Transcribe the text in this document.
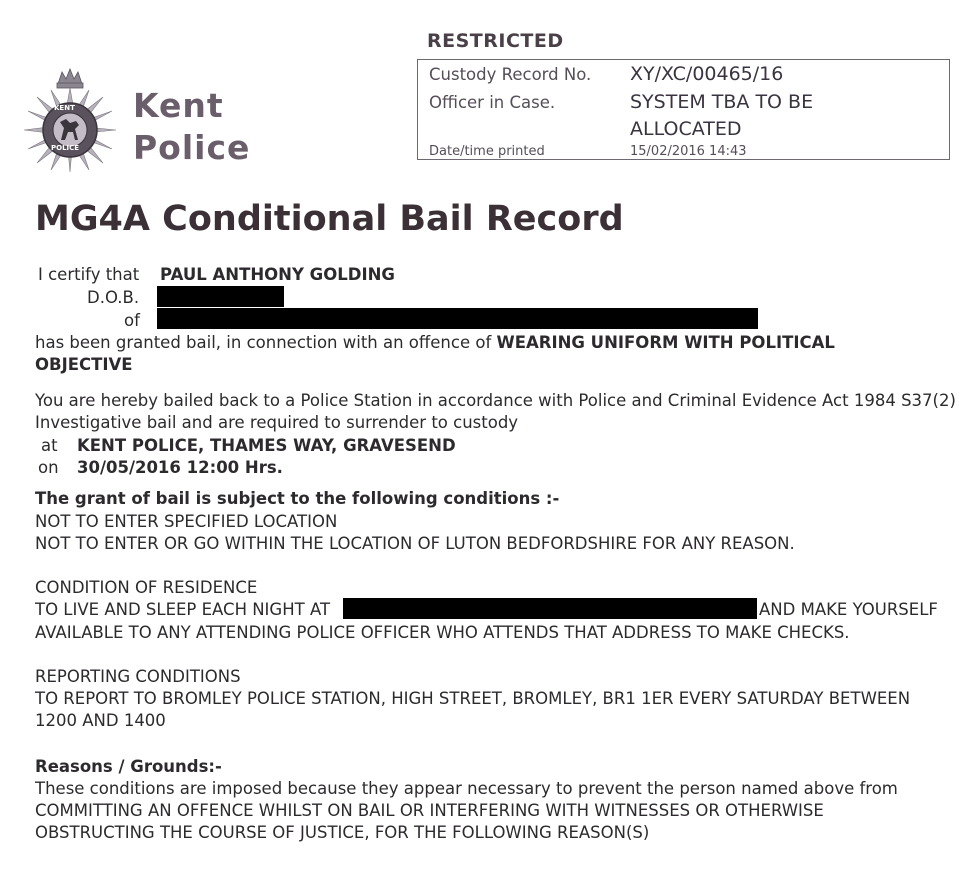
RESTRICTED
Custody Record No. XY/XC/00465/16
Officer in Case.	SYSTEM TBA TO BE
ALLOCATED
Date/time printed	15/02/2016 14:43
KENT
POLICE
Kent
Police
MG4A Conditional Bail Record
I certify that PAUL ANTHONY GOLDING
D.O.B.
of
has been granted bail, in connection with an offence of WEARING UNIFORM WITH POLITICAL
OBJECTIVE
You are hereby bailed back to a Police Station in accordance with Police and Criminal Evidence Act 1984 S37(2)
Investigative bail and are required to surrender to custody
at KENT POLICE, THAMES WAY, GRAVESEND
on 30/05/2016 12:00 Hrs.
The grant of bail is subject to the following conditions :-
NOT TO ENTER SPECIFIED LOCATION
NOT TO ENTER OR GO WITHIN THE LOCATION OF LUTON BEDFORDSHIRE FOR ANY REASON.
CONDITION OF RESIDENCE
TO LIVE AND SLEEP EACH NIGHT AT	AND MAKE YOURSELF
AVAILABLE TO ANY ATTENDING POLICE OFFICER WHO ATTENDS THAT ADDRESS TO MAKE CHECKS.
REPORTING CONDITIONS
TO REPORT TO BROMLEY POLICE STATION, HIGH STREET, BROMLEY, BR1 1ER EVERY SATURDAY BETWEEN
1200 AND 1400
Reasons / Grounds:-
These conditions are imposed because they appear necessary to prevent the person named above from
COMMITTING AN OFFENCE WHILST ON BAIL OR INTERFERING WITH WITNESSES OR OTHERWISE
OBSTRUCTING THE COURSE OF JUSTICE, FOR THE FOLLOWING REASON(S)
